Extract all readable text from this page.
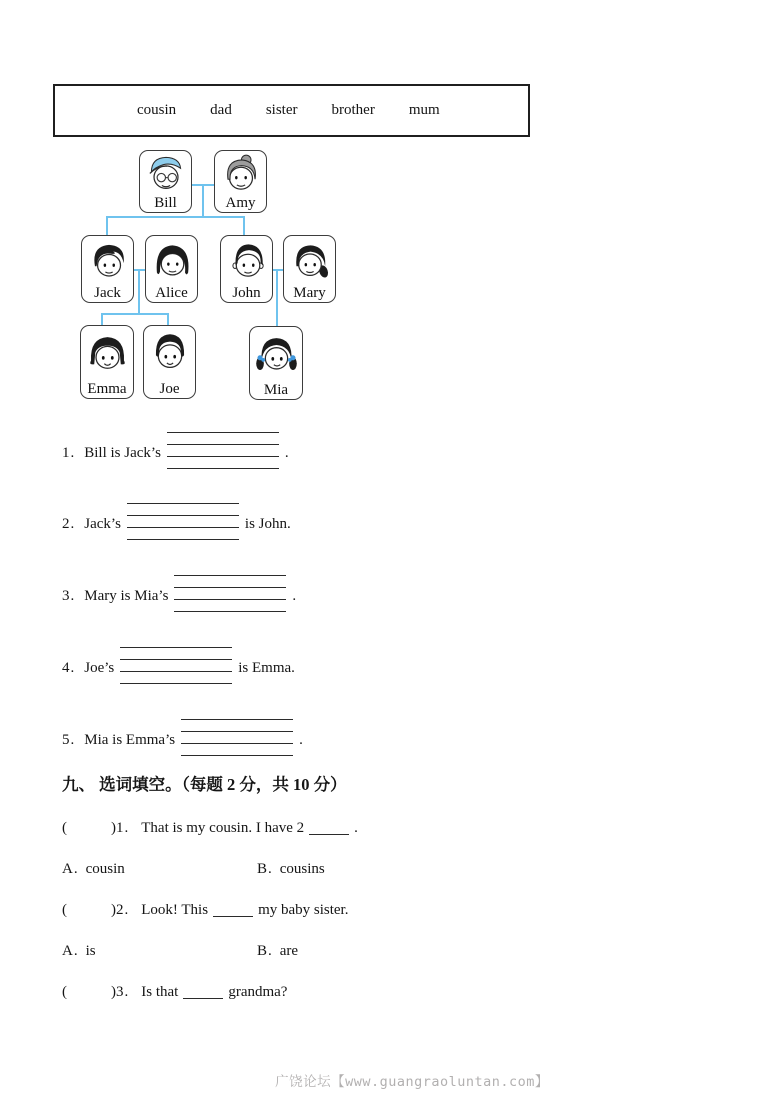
cousin dad sister brother mum
Bill	Amy
Jack	Alice	John	Mary
Emma	Joe	Mia
1. Bill is Jack’s	.
2. Jack’s	is John.
3. Mary is Mia’s	.
4. Joe’s	is Emma.
5. Mia is Emma’s	.
九、 选词填空。（每题 2 分，共 10 分）
(	)1. That is my cousin. I have 2	.
A. cousin	B. cousins
(	)2. Look! This	my baby sister.
A. is	B. are
(	)3. Is that	grandma?
广饶论坛【www.guangraoluntan.com】
